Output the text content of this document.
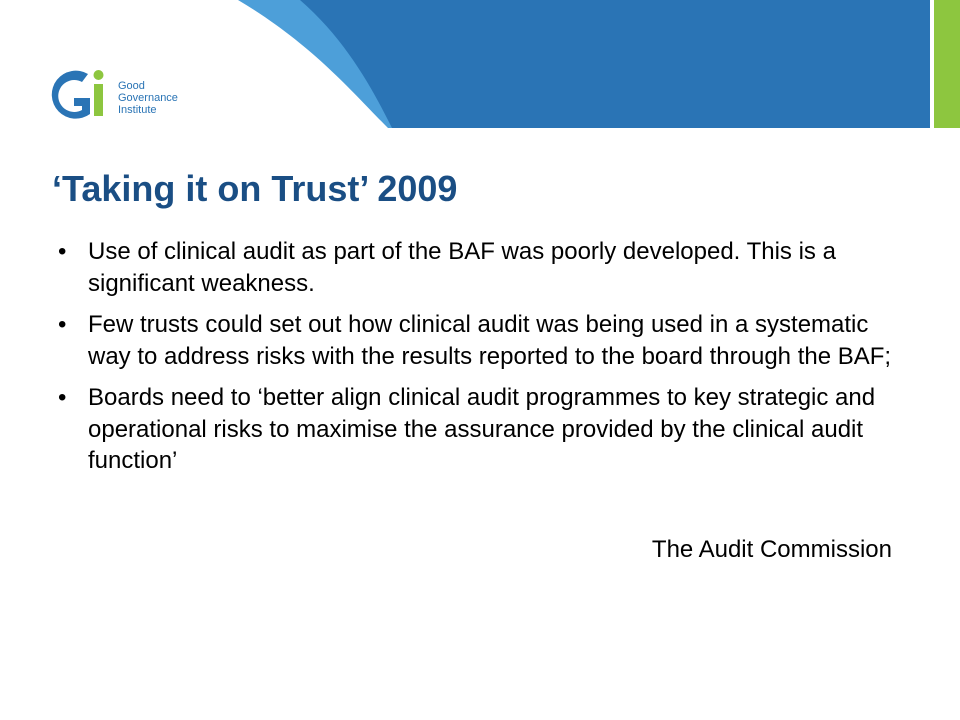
Good
Governance
Institute
‘Taking it on Trust’ 2009
• Use of clinical audit as part of the BAF was poorly developed. This is a significant weakness.
• Few trusts could set out how clinical audit was being used in a systematic way to address risks with the results reported to the board through the BAF;
• Boards need to ‘better align clinical audit programmes to key strategic and operational risks to maximise the assurance provided by the clinical audit function’
The Audit Commission
